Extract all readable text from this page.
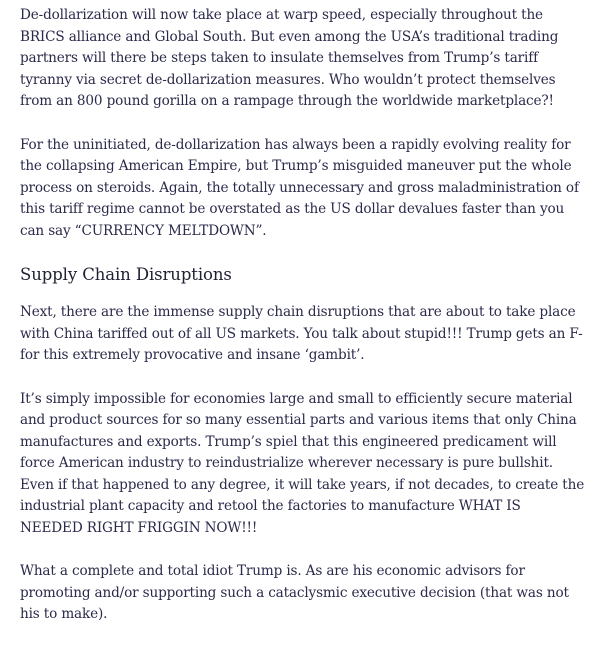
De-dollarization will now take place at warp speed, especially throughout the BRICS alliance and Global South. But even among the USA’s traditional trading partners will there be steps taken to insulate themselves from Trump’s tariff tyranny via secret de-dollarization measures. Who wouldn’t protect themselves from an 800 pound gorilla on a rampage through the worldwide marketplace?!

For the uninitiated, de-dollarization has always been a rapidly evolving reality for the collapsing American Empire, but Trump’s misguided maneuver put the whole process on steroids. Again, the totally unnecessary and gross maladministration of this tariff regime cannot be overstated as the US dollar devalues faster than you can say “CURRENCY MELTDOWN”.

Supply Chain Disruptions

Next, there are the immense supply chain disruptions that are about to take place with China tariffed out of all US markets. You talk about stupid!!! Trump gets an F- for this extremely provocative and insane ‘gambit’.

It’s simply impossible for economies large and small to efficiently secure material and product sources for so many essential parts and various items that only China manufactures and exports. Trump’s spiel that this engineered predicament will force American industry to reindustrialize wherever necessary is pure bullshit. Even if that happened to any degree, it will take years, if not decades, to create the industrial plant capacity and retool the factories to manufacture WHAT IS NEEDED RIGHT FRIGGIN NOW!!!

What a complete and total idiot Trump is. As are his economic advisors for promoting and/or supporting such a cataclysmic executive decision (that was not his to make).
